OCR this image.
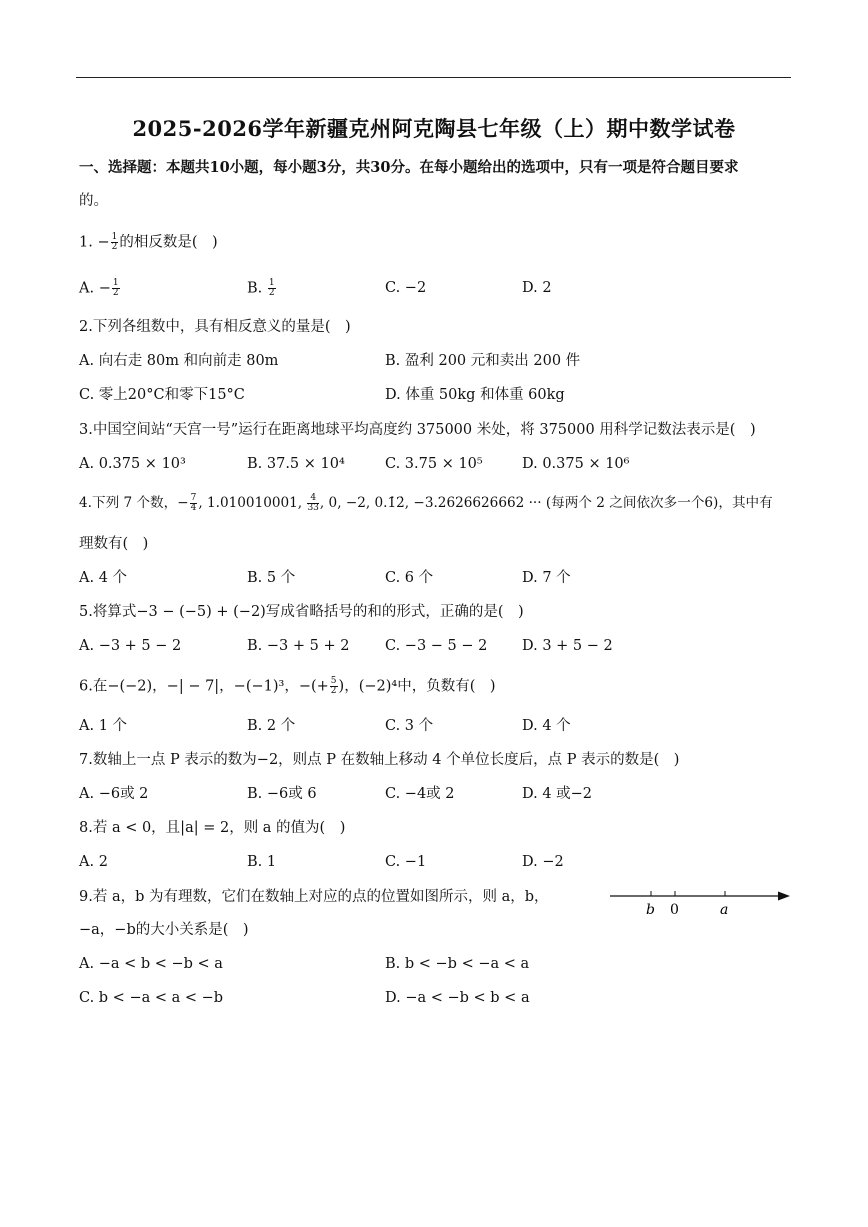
2025-2026学年新疆克州阿克陶县七年级（上）期中数学试卷
一、选择题：本题共10小题，每小题3分，共30分。在每小题给出的选项中，只有一项是符合题目要求
的。
1. − $\frac{1}{2}$ 的相反数是(　)
A. − $\frac{1}{2}$	B. $\frac{1}{2}$	C. −2	D. 2
2.下列各组数中，具有相反意义的量是(　)
A. 向右走 80m 和向前走 80m	B. 盈利 200 元和卖出 200 件
C. 零上20°C和零下15°C	D. 体重 50kg 和体重 60kg
3.中国空间站“天宫一号”运行在距离地球平均高度约 375000 米处，将 375000 用科学记数法表示是(　)
A. 0.375 × 10³	B. 37.5 × 10⁴	C. 3.75 × 10⁵	D. 0.375 × 10⁶
4.下列 7 个数，− $\frac{7}{4}$ , 1.010010001, $\frac{4}{33}$ , 0, −2, 0.1̇2̇, −3.2626626662 ··· (每两个 2 之间依次多一个6)，其中有
理数有(　)
A. 4 个	B. 5 个	C. 6 个	D. 7 个
5.将算式−3 − (−5) + (−2)写成省略括号的和的形式，正确的是(　)
A. −3 + 5 − 2	B. −3 + 5 + 2 C. −3 − 5 − 2 D. 3 + 5 − 2
6.在−(−2)，−| − 7|，−(−1)³，−(+ $\frac{5}{2}$ )，(−2)⁴中，负数有(　)
A. 1 个	B. 2 个	C. 3 个	D. 4 个
7.数轴上一点 P 表示的数为−2，则点 P 在数轴上移动 4 个单位长度后，点 P 表示的数是(　)
A. −6或 2	B. −6或 6	C. −4或 2	D. 4 或−2
8.若 a < 0，且|a| = 2，则 a 的值为(　)
A. 2	B. 1	C. −1	D. −2
9.若 a，b 为有理数，它们在数轴上对应的点的位置如图所示，则 a，b，
−a，−b的大小关系是(　)
b 0	a
A. −a < b < −b < a	B. b < −b < −a < a
C. b < −a < a < −b	D. −a < −b < b < a
